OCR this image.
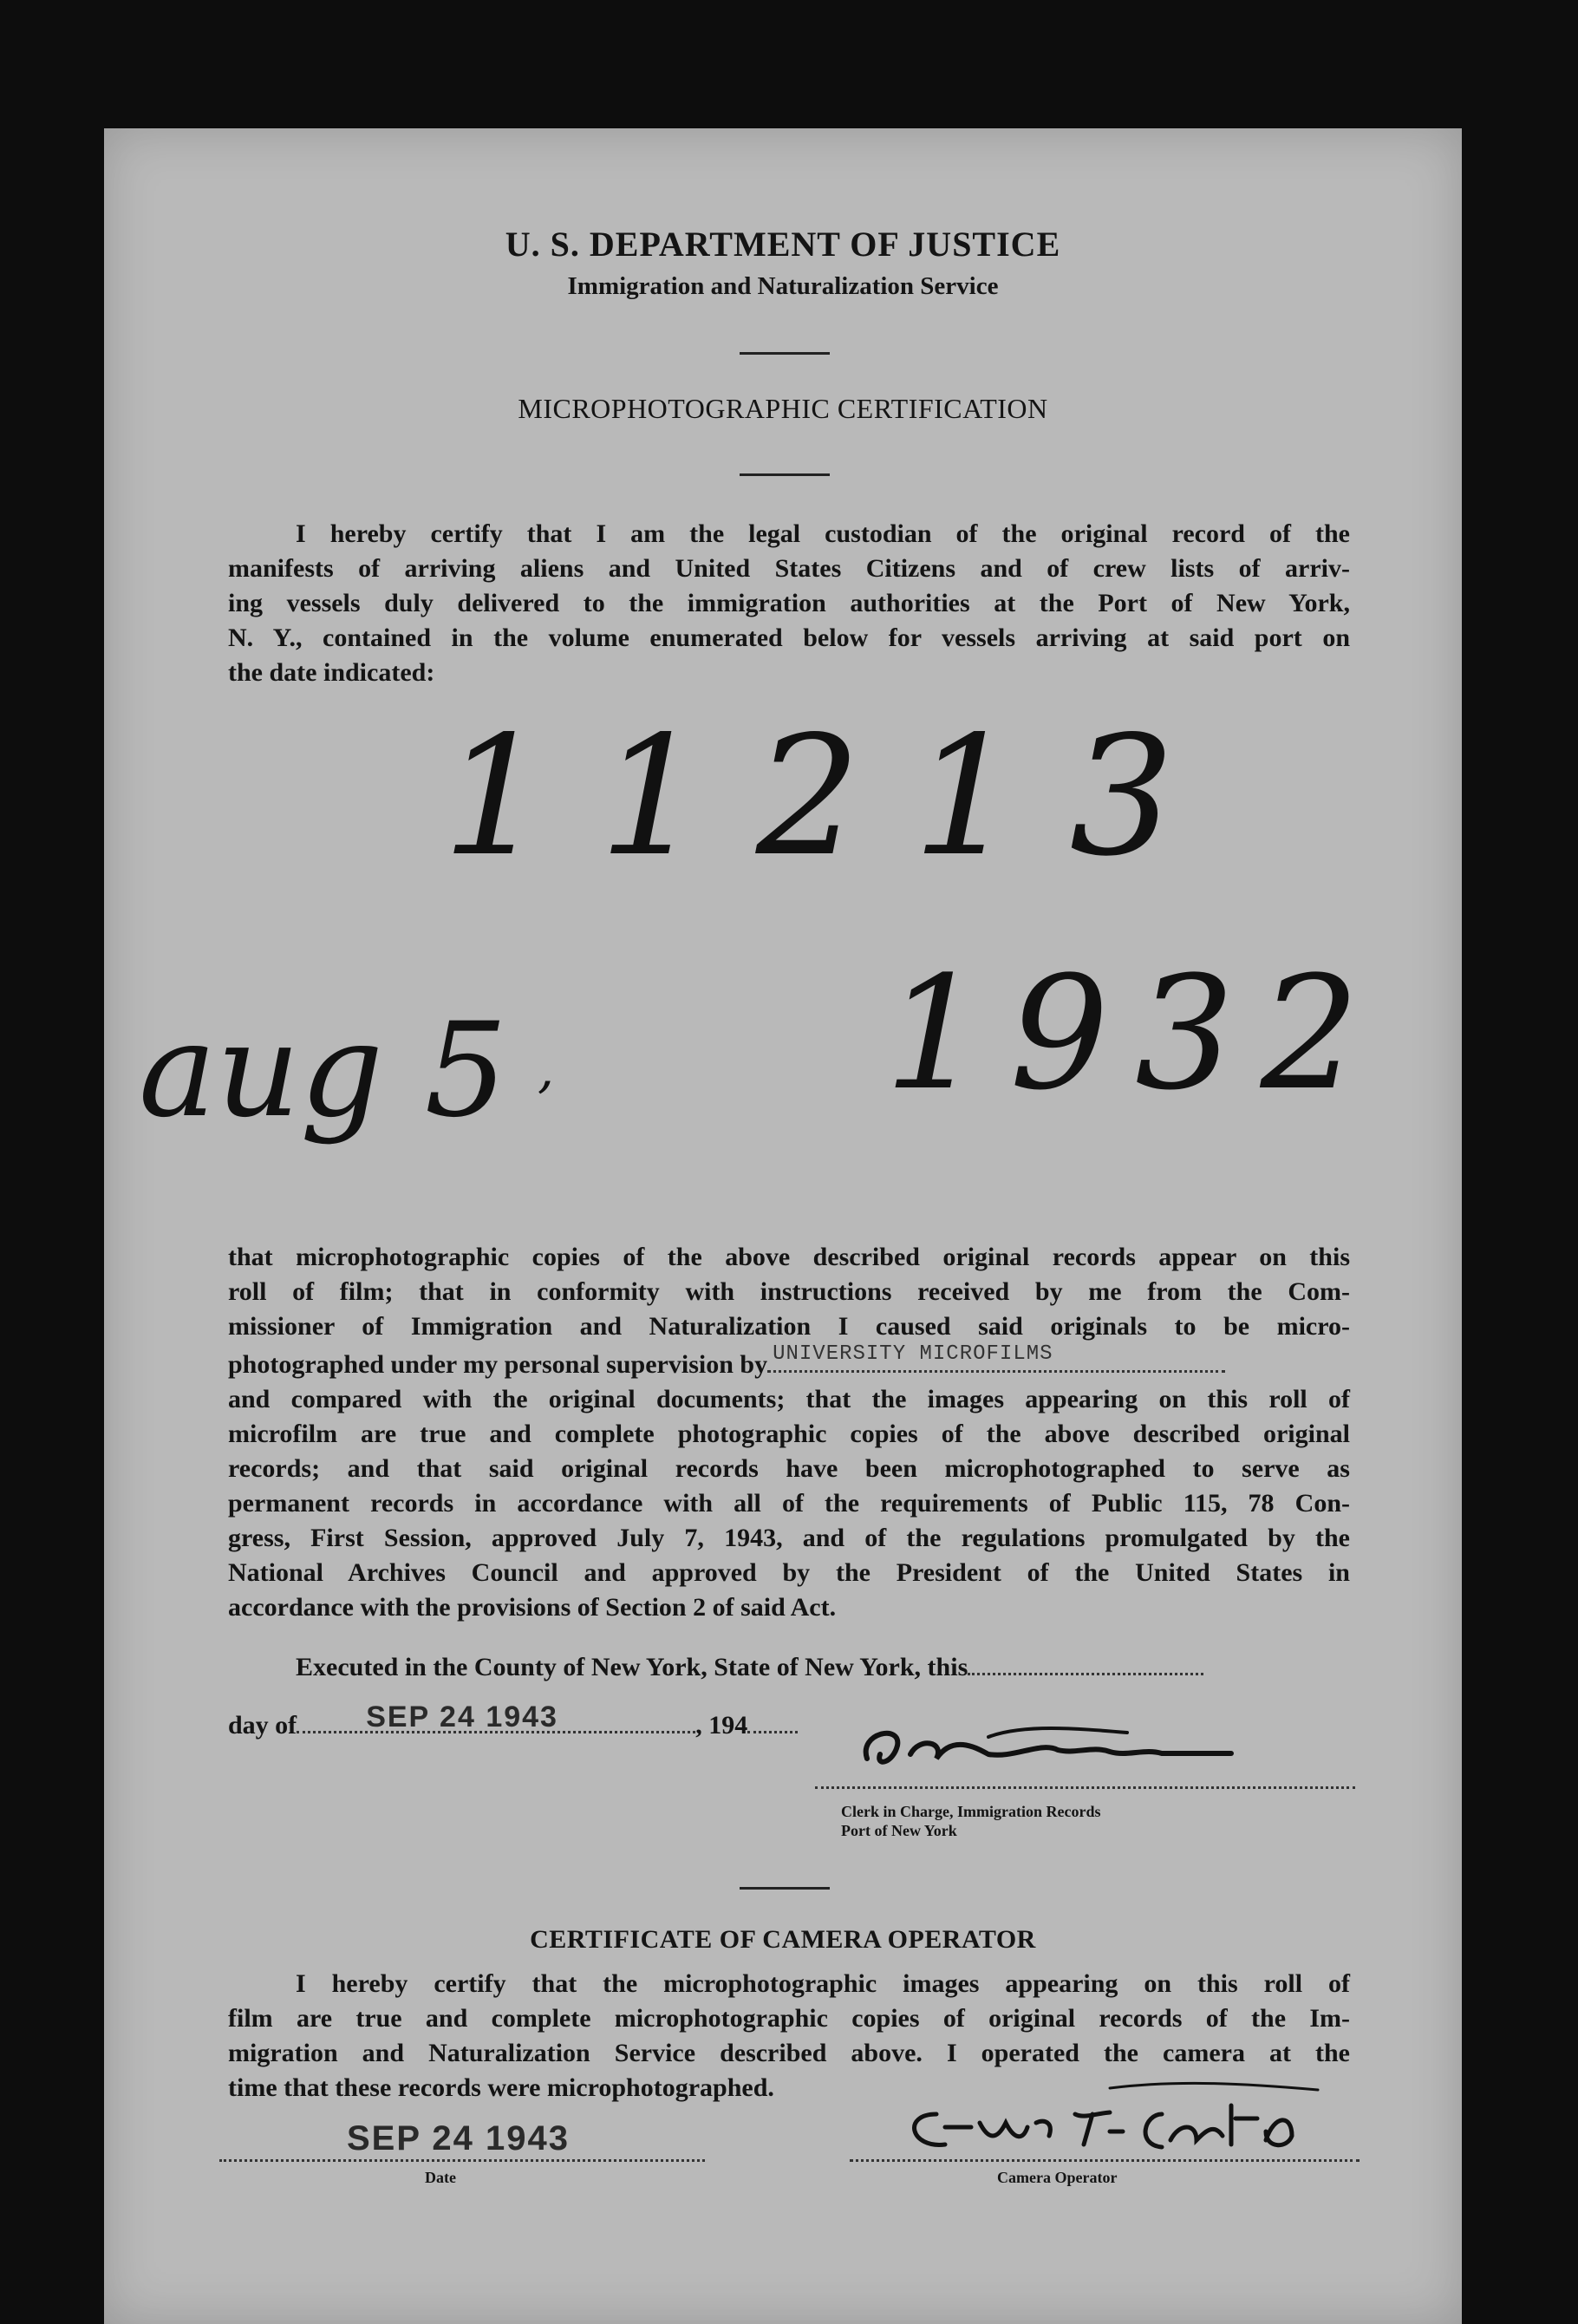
U. S. DEPARTMENT OF JUSTICE
Immigration and Naturalization Service
MICROPHOTOGRAPHIC CERTIFICATION
I hereby certify that I am the legal custodian of the original record of the
manifests of arriving aliens and United States Citizens and of crew lists of arriv-
ing vessels duly delivered to the immigration authorities at the Port of New York,
N. Y., contained in the volume enumerated below for vessels arriving at said port on
the date indicated:
11213
aug 5 , 1932
that microphotographic copies of the above described original records appear on this
roll of film; that in conformity with instructions received by me from the Com-
missioner of Immigration and Naturalization I caused said originals to be micro-
photographed under my personal supervision by UNIVERSITY MICROFILMS
and compared with the original documents; that the images appearing on this roll of
microfilm are true and complete photographic copies of the above described original
records; and that said original records have been microphotographed to serve as
permanent records in accordance with all of the requirements of Public 115, 78 Con-
gress, First Session, approved July 7, 1943, and of the regulations promulgated by the
National Archives Council and approved by the President of the United States in
accordance with the provisions of Section 2 of said Act.
Executed in the County of New York, State of New York, this
day of SEP 24 1943	, 194
Clerk in Charge, Immigration Records
Port of New York
CERTIFICATE OF CAMERA OPERATOR
I hereby certify that the microphotographic images appearing on this roll of
film are true and complete microphotographic copies of original records of the Im-
migration and Naturalization Service described above. I operated the camera at the
time that these records were microphotographed.
SEP 24 1943
Date	Camera Operator
